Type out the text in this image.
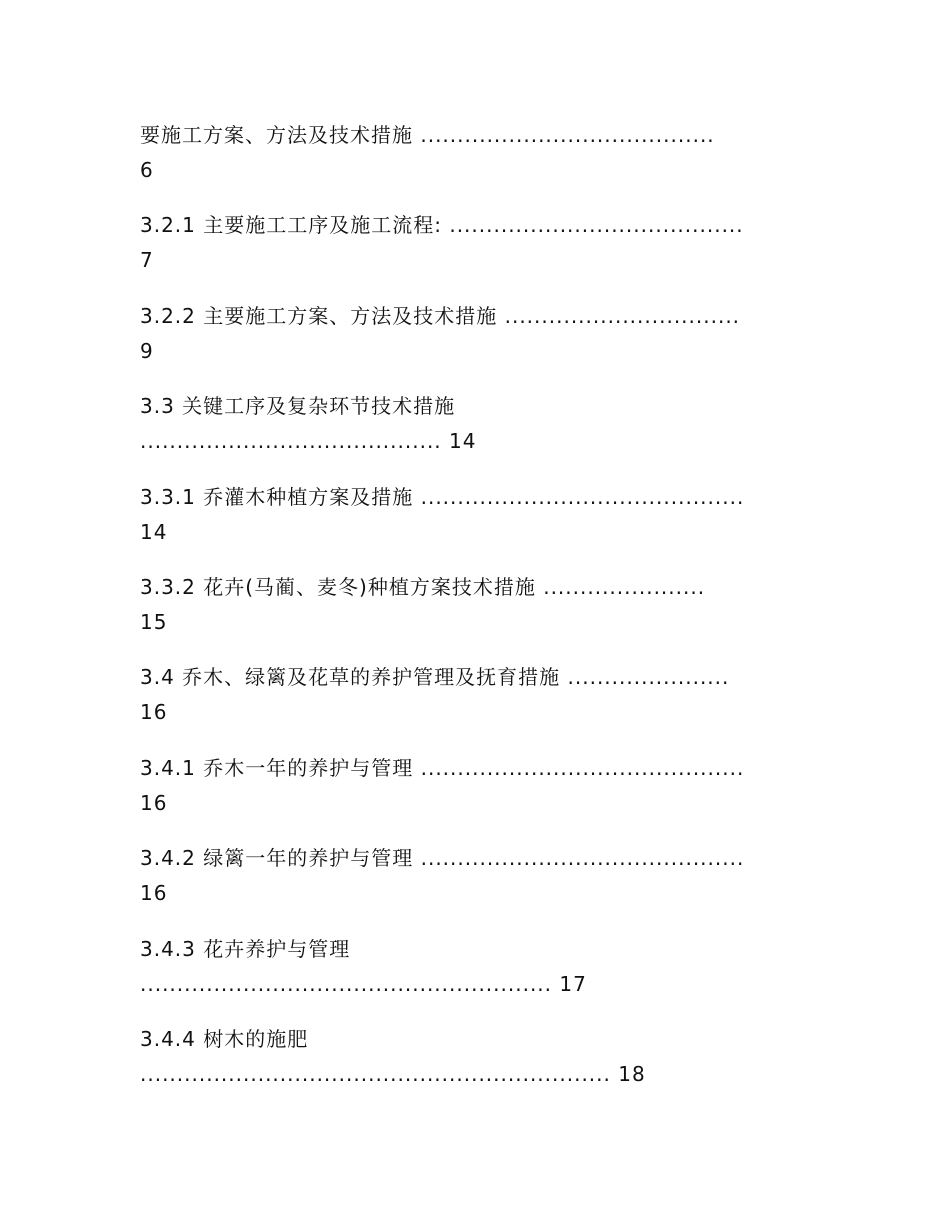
要施工方案、方法及技术措施 ........................................
6
3.2.1 主要施工工序及施工流程: ........................................
7
3.2.2 主要施工方案、方法及技术措施 ................................
9
3.3 关键工序及复杂环节技术措施
......................................... 14
3.3.1 乔灌木种植方案及措施 ............................................
14
3.3.2 花卉(马蔺、麦冬)种植方案技术措施 ......................
15
3.4 乔木、绿篱及花草的养护管理及抚育措施 ......................
16
3.4.1 乔木一年的养护与管理 ............................................
16
3.4.2 绿篱一年的养护与管理 ............................................
16
3.4.3 花卉养护与管理
........................................................ 17
3.4.4 树木的施肥
................................................................ 18
